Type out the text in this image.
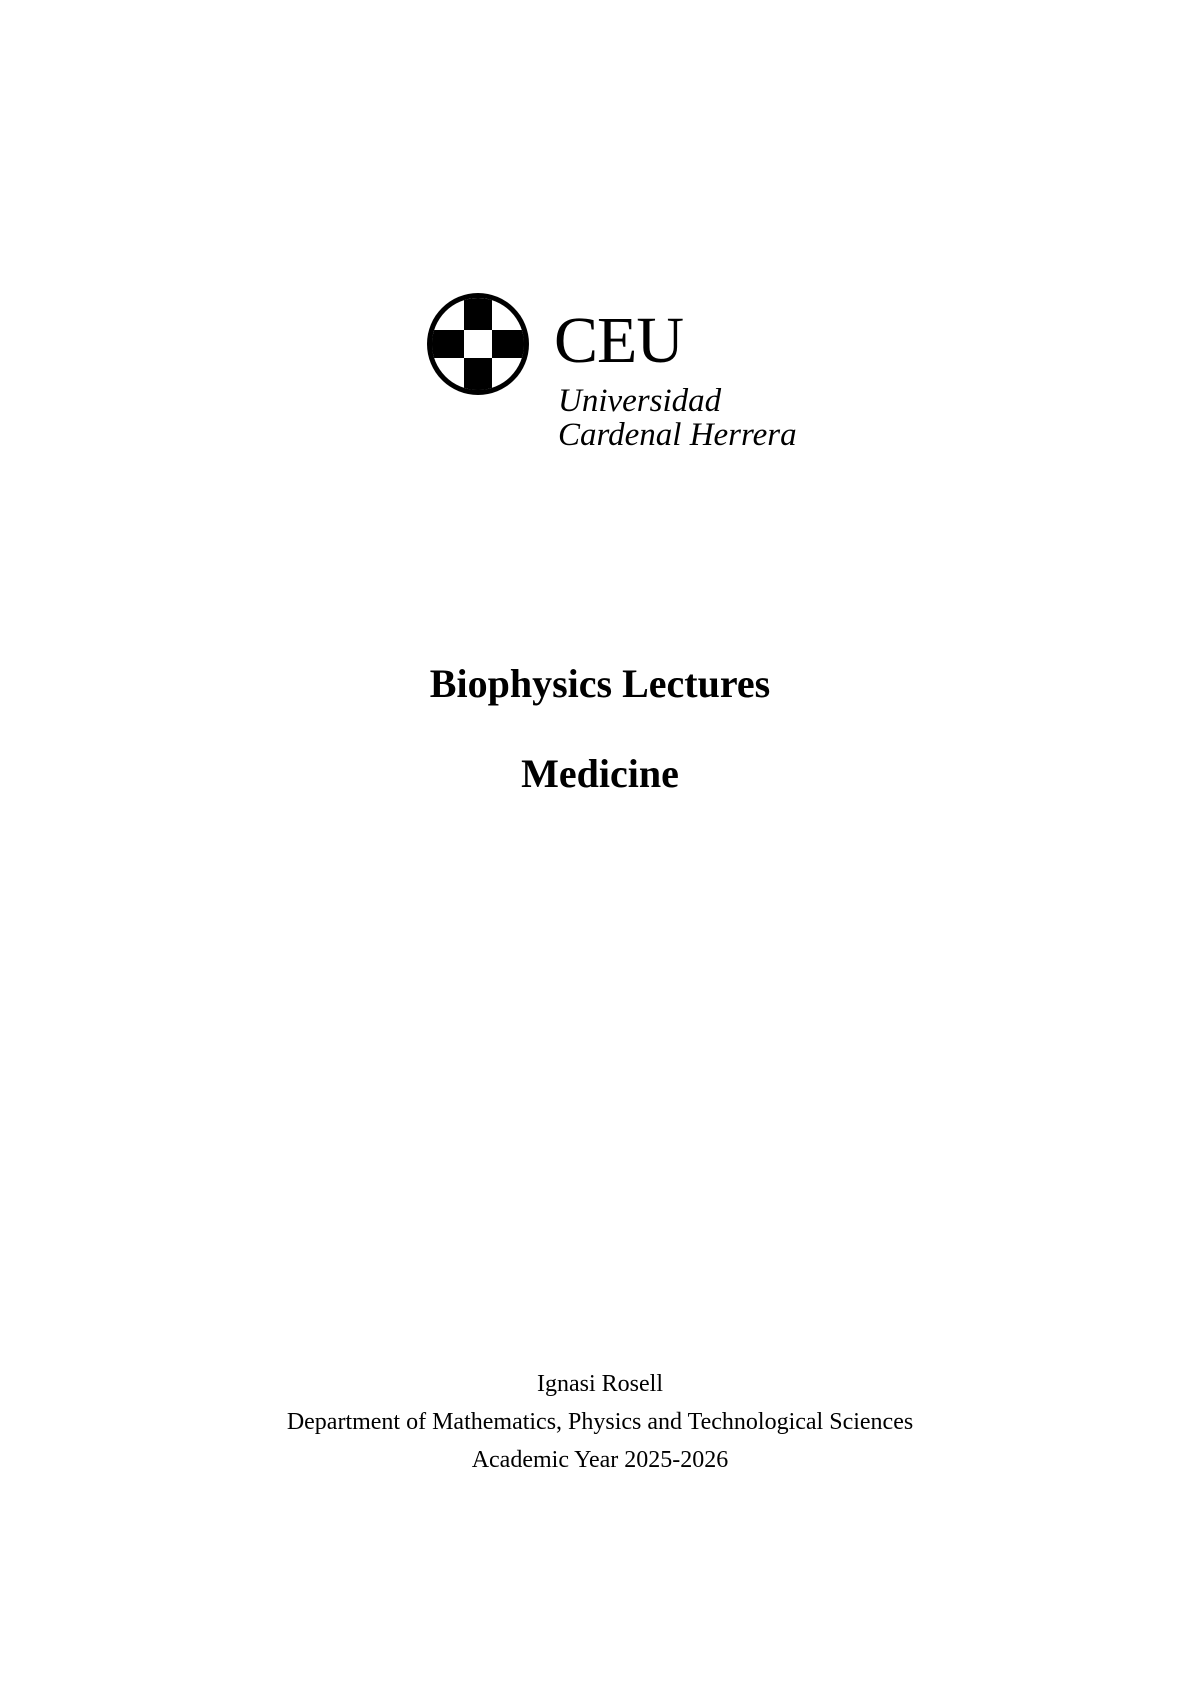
CEU
Universidad
Cardenal Herrera
Biophysics Lectures
Medicine
Ignasi Rosell
Department of Mathematics, Physics and Technological Sciences
Academic Year 2025-2026
